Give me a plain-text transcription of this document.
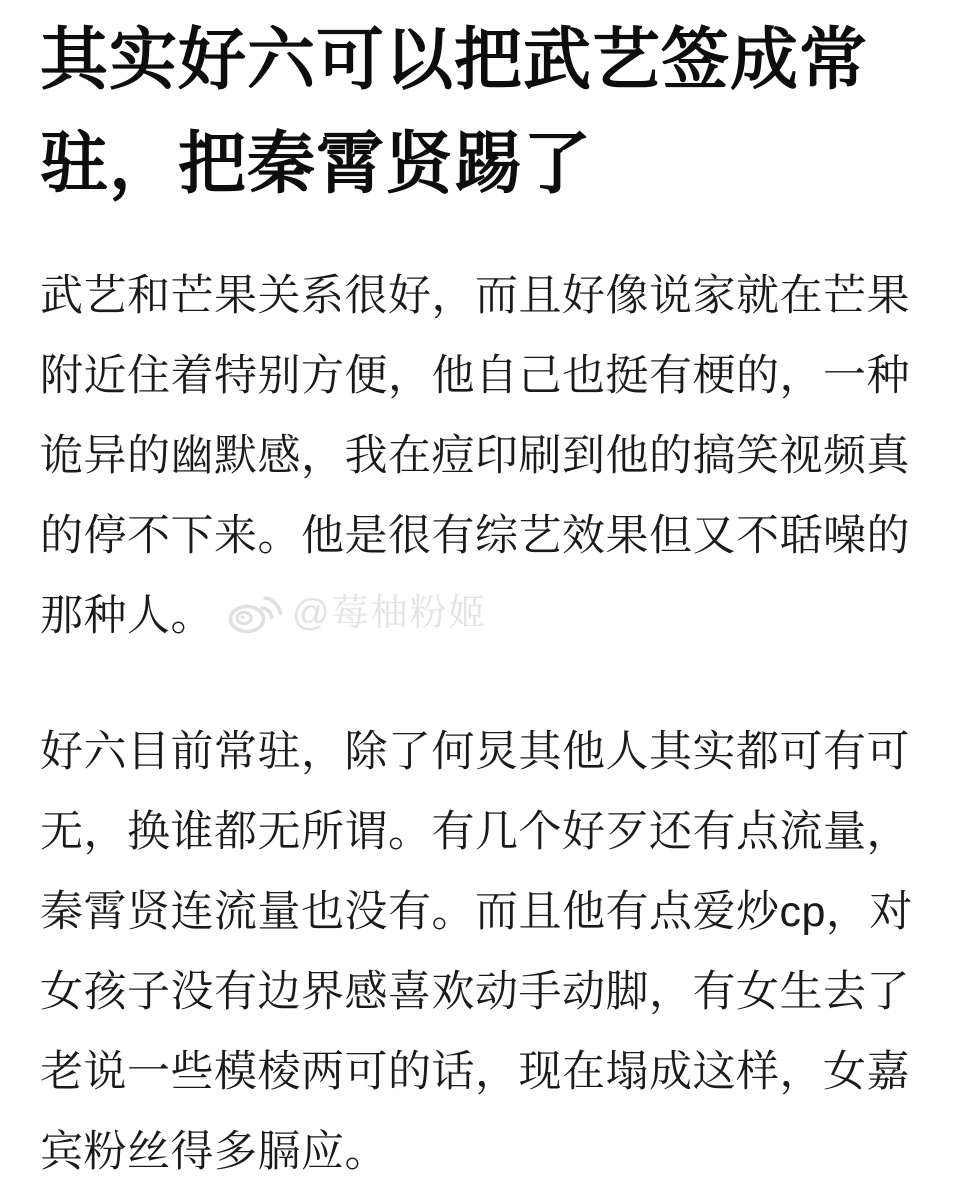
其实好六可以把武艺签成常驻，把秦霄贤踢了

武艺和芒果关系很好，而且好像说家就在芒果附近住着特别方便，他自己也挺有梗的，一种诡异的幽默感，我在痘印刷到他的搞笑视频真的停不下来。他是很有综艺效果但又不聒噪的那种人。 @莓柚粉姬

好六目前常驻，除了何炅其他人其实都可有可无，换谁都无所谓。有几个好歹还有点流量，秦霄贤连流量也没有。而且他有点爱炒cp，对女孩子没有边界感喜欢动手动脚，有女生去了老说一些模棱两可的话，现在塌成这样，女嘉宾粉丝得多膈应。
